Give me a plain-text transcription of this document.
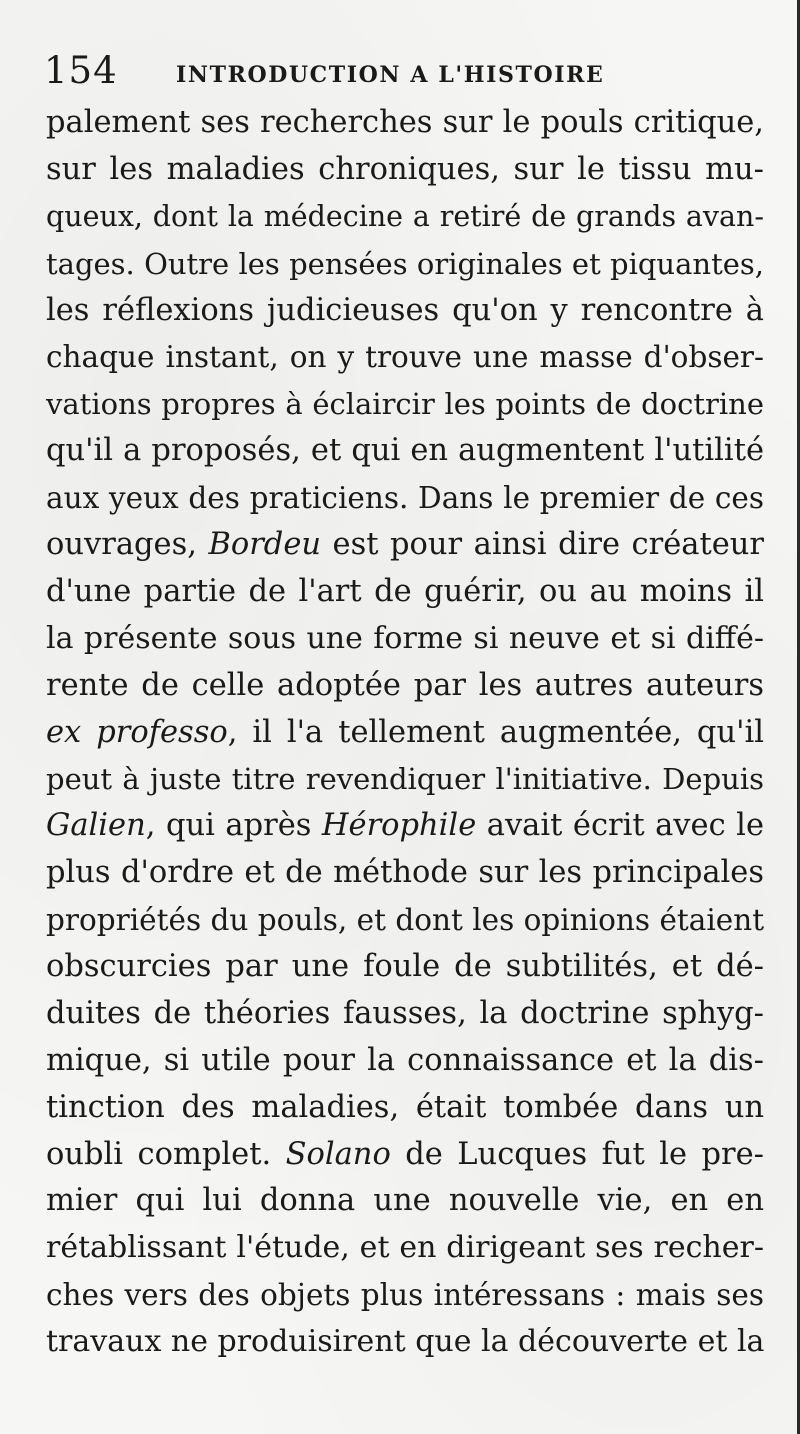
154	INTRODUCTION A L'HISTOIRE
palement ses recherches sur le pouls critique,
sur les maladies chroniques, sur le tissu mu-
queux, dont la médecine a retiré de grands avan-
tages. Outre les pensées originales et piquantes,
les réflexions judicieuses qu'on y rencontre à
chaque instant, on y trouve une masse d'obser-
vations propres à éclaircir les points de doctrine
qu'il a proposés, et qui en augmentent l'utilité
aux yeux des praticiens. Dans le premier de ces
ouvrages, Bordeu est pour ainsi dire créateur
d'une partie de l'art de guérir, ou au moins il
la présente sous une forme si neuve et si diffé-
rente de celle adoptée par les autres auteurs
ex professo, il l'a tellement augmentée, qu'il
peut à juste titre revendiquer l'initiative. Depuis
Galien, qui après Hérophile avait écrit avec le
plus d'ordre et de méthode sur les principales
propriétés du pouls, et dont les opinions étaient
obscurcies par une foule de subtilités, et dé-
duites de théories fausses, la doctrine sphyg-
mique, si utile pour la connaissance et la dis-
tinction des maladies, était tombée dans un
oubli complet. Solano de Lucques fut le pre-
mier qui lui donna une nouvelle vie, en en
rétablissant l'étude, et en dirigeant ses recher-
ches vers des objets plus intéressans : mais ses
travaux ne produisirent que la découverte et la
